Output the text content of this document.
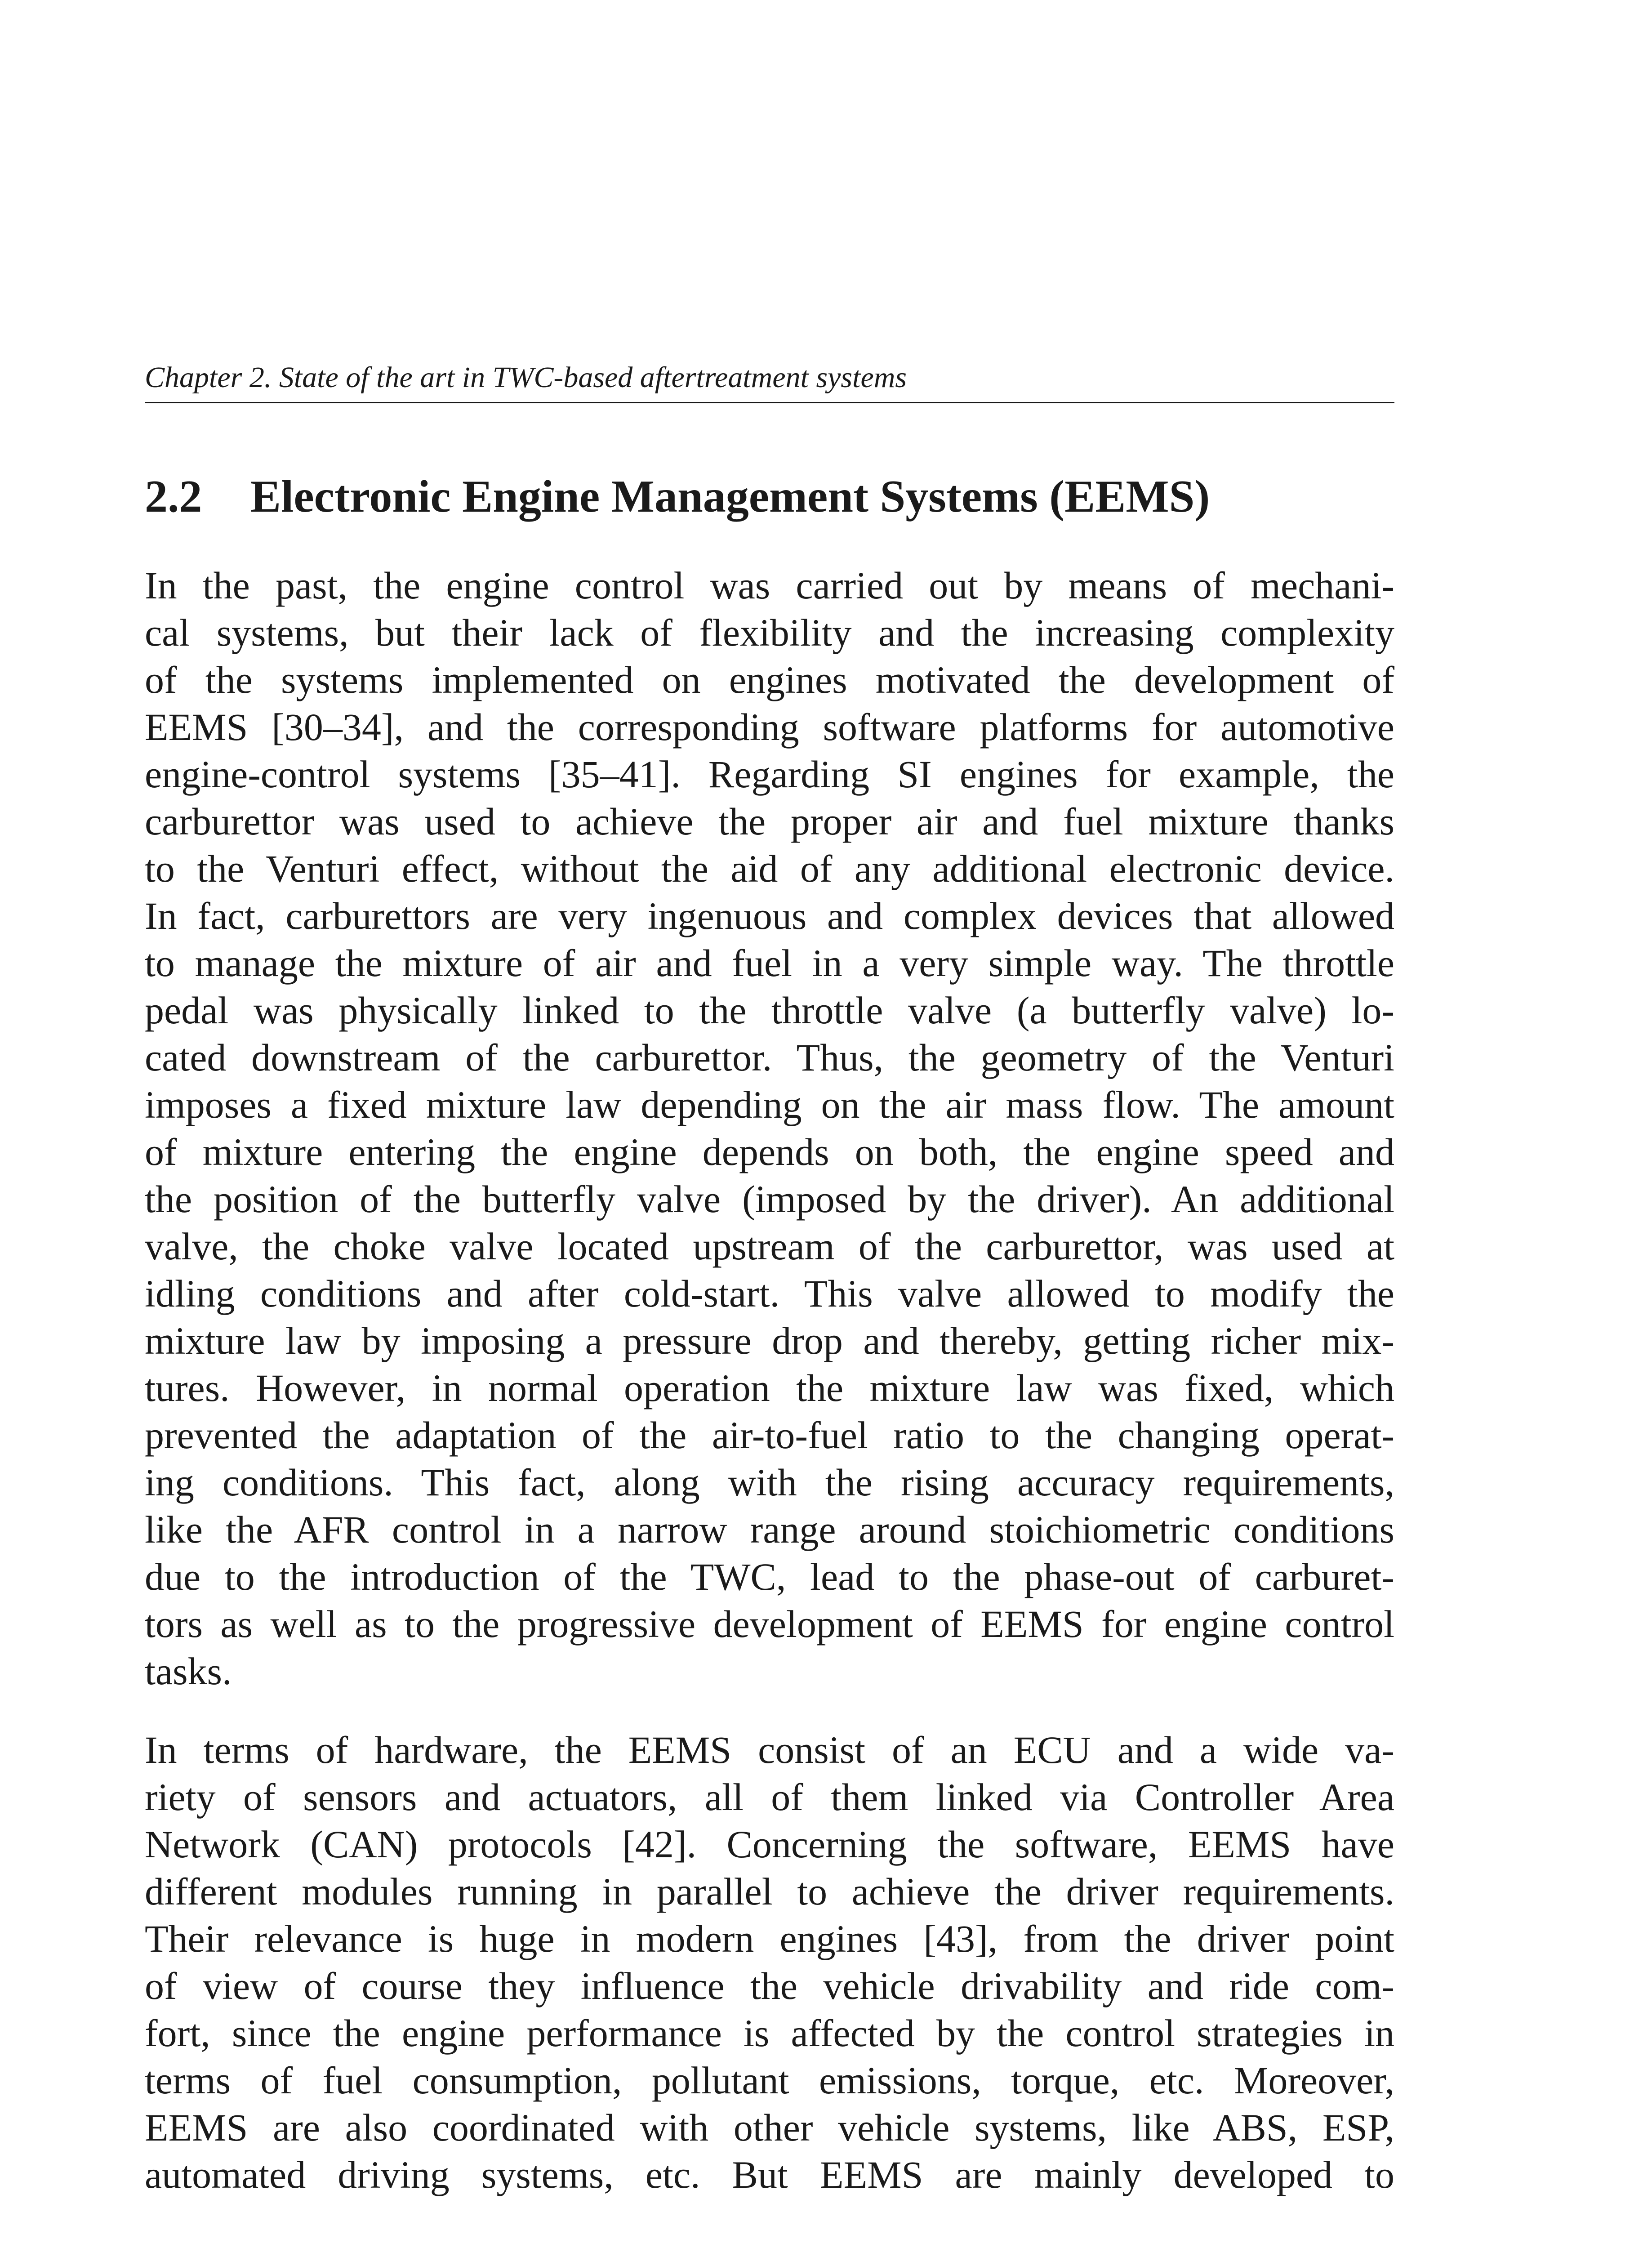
Chapter 2. State of the art in TWC-based aftertreatment systems
2.2 Electronic Engine Management Systems (EEMS)
In the past, the engine control was carried out by means of mechani-
cal systems, but their lack of flexibility and the increasing complexity
of the systems implemented on engines motivated the development of
EEMS [30–34], and the corresponding software platforms for automotive
engine-control systems [35–41]. Regarding SI engines for example, the
carburettor was used to achieve the proper air and fuel mixture thanks
to the Venturi effect, without the aid of any additional electronic device.
In fact, carburettors are very ingenuous and complex devices that allowed
to manage the mixture of air and fuel in a very simple way. The throttle
pedal was physically linked to the throttle valve (a butterfly valve) lo-
cated downstream of the carburettor. Thus, the geometry of the Venturi
imposes a fixed mixture law depending on the air mass flow. The amount
of mixture entering the engine depends on both, the engine speed and
the position of the butterfly valve (imposed by the driver). An additional
valve, the choke valve located upstream of the carburettor, was used at
idling conditions and after cold-start. This valve allowed to modify the
mixture law by imposing a pressure drop and thereby, getting richer mix-
tures. However, in normal operation the mixture law was fixed, which
prevented the adaptation of the air-to-fuel ratio to the changing operat-
ing conditions. This fact, along with the rising accuracy requirements,
like the AFR control in a narrow range around stoichiometric conditions
due to the introduction of the TWC, lead to the phase-out of carburet-
tors as well as to the progressive development of EEMS for engine control
tasks.
In terms of hardware, the EEMS consist of an ECU and a wide va-
riety of sensors and actuators, all of them linked via Controller Area
Network (CAN) protocols [42]. Concerning the software, EEMS have
different modules running in parallel to achieve the driver requirements.
Their relevance is huge in modern engines [43], from the driver point
of view of course they influence the vehicle drivability and ride com-
fort, since the engine performance is affected by the control strategies in
terms of fuel consumption, pollutant emissions, torque, etc. Moreover,
EEMS are also coordinated with other vehicle systems, like ABS, ESP,
automated driving systems, etc. But EEMS are mainly developed to
